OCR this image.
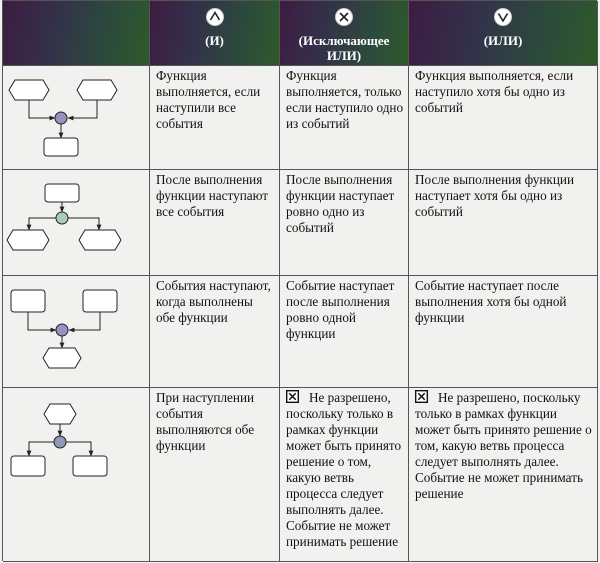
(И)	(Исключающее ИЛИ)
(ИЛИ)
Функция выполняется, если наступили все события
Функция выполняется, только если наступило одно из событий
Функция выполняется, если наступило хотя бы одно из событий
После выполнения функции наступают все события
После выполнения функции наступает ровно одно из событий
После выполнения функции наступает хотя бы одно из событий
События наступают, когда выполнены обе функции
Событие наступает после выполнения ровно одной функции
Событие наступает после выполнения хотя бы одной функции
При наступлении события выполняются обе функции
Не разрешено, поскольку только в рамках функции может быть принято решение о том, какую ветвь процесса следует выполнять далее. Событие не может принимать решение
Не разрешено, поскольку только в рамках функции может быть принято решение о том, какую ветвь процесса следует выполнять далее. Событие не может принимать решение
